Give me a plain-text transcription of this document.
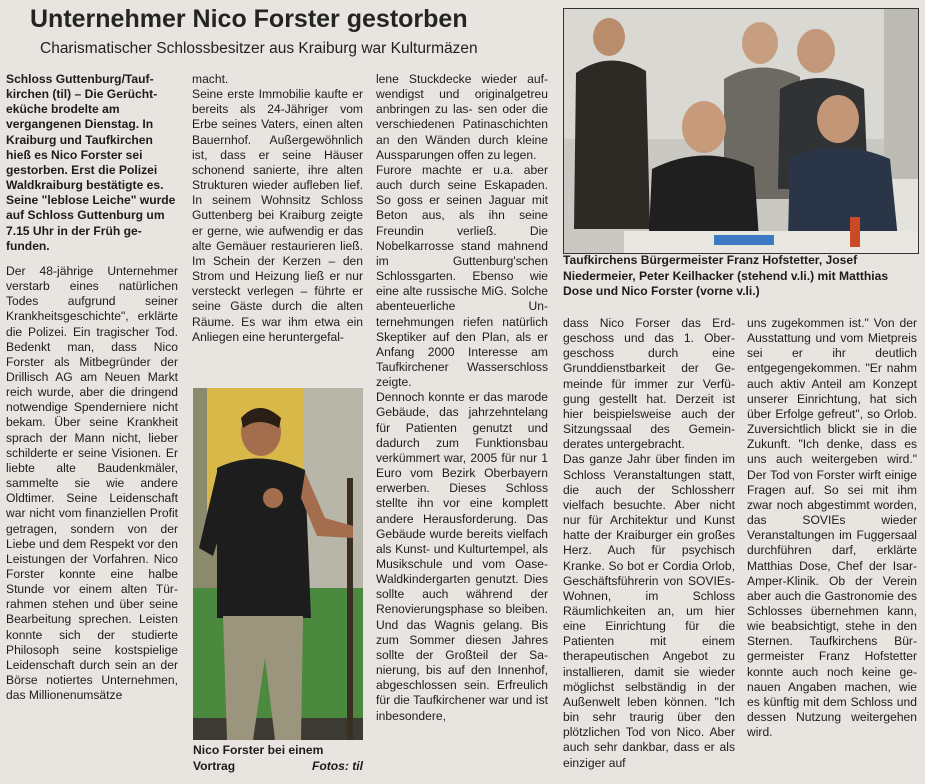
Unternehmer Nico Forster gestorben
Charismatischer Schlossbesitzer aus Kraiburg war Kulturmäzen

Schloss Guttenburg/Taufkirchen (til) – Die Gerüchteküche brodelte am vergangenen Dienstag. In Kraiburg und Taufkirchen hieß es Nico Forster sei gestorben. Erst die Polizei Waldkraiburg bestätigte es. Seine "leblose Leiche" wurde auf Schloss Guttenburg um 7.15 Uhr in der Früh gefunden.

Der 48-jährige Unternehmer verstarb eines natürlichen Todes aufgrund seiner Krankheitsgeschichte", erklärte die Polizei. Ein tragischer Tod. Bedenkt man, dass Nico Forster als Mitbegründer der Drillisch AG am Neuen Markt reich wurde, aber die dringend notwendige Spenderniere nicht bekam. Über seine Krankheit sprach der Mann nicht, lieber schilderte er seine Visionen. Er liebte alte Baudenkmäler, sammelte sie wie andere Oldtimer. Seine Leidenschaft war nicht vom finanziellen Profit getragen, sondern von der Liebe und dem Respekt vor den Leistungen der Vorfahren. Nico Forster konnte eine halbe Stunde vor einem alten Türrahmen stehen und über seine Bearbeitung sprechen. Leisten konnte sich der studierte Philosoph seine kostspielige Leidenschaft durch sein an der Börse notiertes Unternehmen, das Millionenumsätze

macht.
Seine erste Immobilie kaufte er bereits als 24-Jähriger vom Erbe seines Vaters, einen alten Bauernhof. Außergewöhnlich ist, dass er seine Häuser schonend sanierte, ihre alten Strukturen wieder aufleben lief. In seinem Wohnsitz Schloss Guttenberg bei Kraiburg zeigte er gerne, wie aufwendig er das alte Gemäuer restaurieren ließ. Im Schein der Kerzen – den Strom und Heizung ließ er nur versteckt verlegen – führte er seine Gäste durch die alten Räume. Es war ihm etwa ein Anliegen eine heruntergefal-
Nico Forster bei einem Vortrag	Fotos: til

lene Stuckdecke wieder aufwendigst und originalgetreu anbringen zu las- sen oder die verschiedenen Patinaschichten an den Wänden durch kleine Aussparungen offen zu legen.

Furore machte er u.a. aber auch durch seine Eskapaden. So goss er seinen Jaguar mit Beton aus, als ihn seine Freundin verließ. Die Nobelkarrosse stand mahnend im Guttenburg'schen Schlossgarten. Ebenso wie eine alte russische MiG. Solche abenteuerliche Unternehmungen riefen natürlich Skeptiker auf den Plan, als er Anfang 2000 Interesse am Taufkirchener Wasserschloss zeigte.

Dennoch konnte er das marode Gebäude, das jahrzehntelang für Patienten genutzt und dadurch zum Funktionsbau verkümmert war, 2005 für nur 1 Euro vom Bezirk Oberbayern erwerben. Dieses Schloss stellte ihn vor eine komplett andere Herausforderung. Das Gebäude wurde bereits vielfach als Kunst- und Kulturtempel, als Musikschule und vom Oase-Waldkindergarten genutzt. Dies sollte auch während der Renovierungsphase so bleiben. Und das Wagnis gelang. Bis zum Sommer diesen Jahres sollte der Großteil der Sanierung, bis auf den Innenhof, abgeschlossen sein. Erfreulich für die Taufkirchener war und ist inbesondere,

Taufkirchens Bürgermeister Franz Hofstetter, Josef Niedermeier, Peter Keilhacker (stehend v.li.) mit Matthias Dose und Nico Forster (vorne v.li.)
dass Nico Forser das Erdgeschoss und das 1. Obergeschoss durch eine Grunddienstbarkeit der Gemeinde für immer zur Verfügung gestellt hat. Derzeit ist hier beispielsweise auch der Sitzungssaal des Gemeinderates untergebracht.
Das ganze Jahr über finden im Schloss Veranstaltungen statt, die auch der Schlossherr vielfach besuchte. Aber nicht nur für Architektur und Kunst hatte der Kraiburger ein großes Herz. Auch für psychisch Kranke. So bot er Cordia Orlob, Geschäftsführerin von SOVIEs-Wohnen, im Schloss Räumlichkeiten an, um hier eine Einrichtung für die Patienten mit einem therapeutischen Angebot zu installieren, damit sie wieder möglichst selbständig in der Außenwelt leben können. "Ich bin sehr traurig über den plötzlichen Tod von Nico. Aber auch sehr dankbar, dass er als einziger auf
uns zugekommen ist." Von der Ausstattung und vom Mietpreis sei er ihr deutlich entgegengekommen. "Er nahm auch aktiv Anteil am Konzept unserer Einrichtung, hat sich über Erfolge gefreut", so Orlob. Zuversichtlich blickt sie in die Zukunft. "Ich denke, dass es uns auch weitergeben wird." Der Tod von Forster wirft einige Fragen auf. So sei mit ihm zwar noch abgestimmt worden, das SOVIEs wieder Veranstaltungen im Fuggersaal durchführen darf, erklärte Matthias Dose, Chef der Isar-Amper-Klinik. Ob der Verein aber auch die Gastronomie des Schlosses übernehmen kann, wie beabsichtigt, stehe in den Sternen. Taufkirchens Bürgermeister Franz Hofstetter konnte auch noch keine genauen Angaben machen, wie es künftig mit dem Schloss und dessen Nutzung weitergehen wird.
